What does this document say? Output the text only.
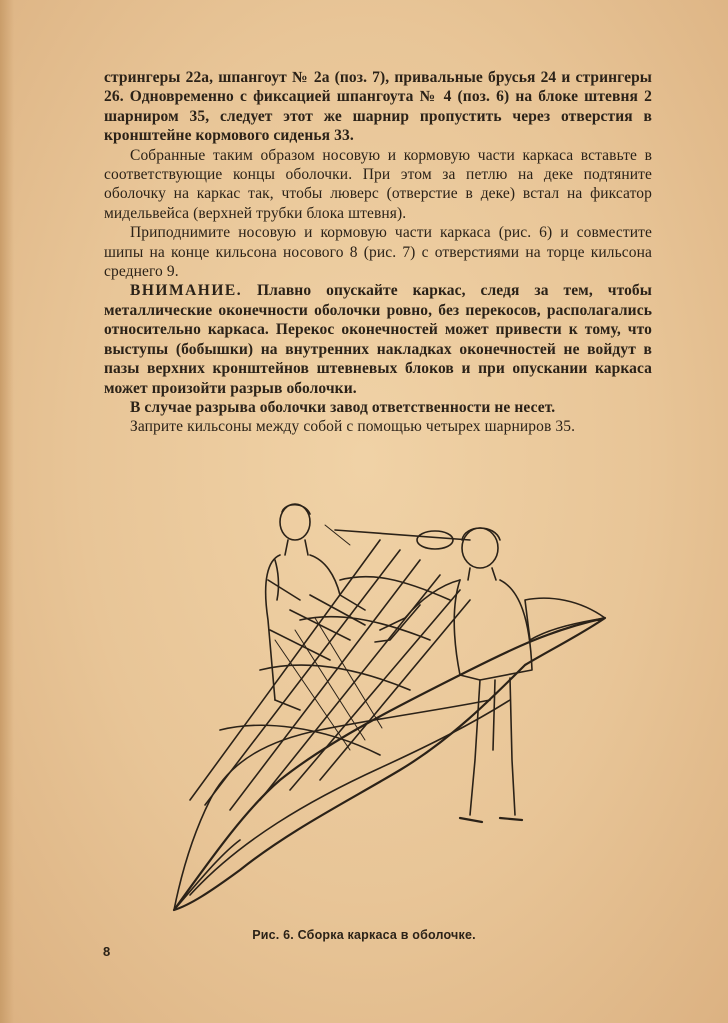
стрингеры 22а, шпангоут № 2а (поз. 7), привальные брусья 24 и стрингеры 26. Одновременно с фиксацией шпангоута № 4 (поз. 6) на блоке штевня 2 шарниром 35, следует этот же шарнир пропустить через отверстия в кронштейне кормового сиденья 33.

Собранные таким образом носовую и кормовую части каркаса вставьте в соответствующие концы оболочки. При этом за петлю на деке подтяните оболочку на каркас так, чтобы люверс (отверстие в деке) встал на фиксатор мидельвейса (верхней трубки блока штевня).

Приподнимите носовую и кормовую части каркаса (рис. 6) и совместите шипы на конце кильсона носового 8 (рис. 7) с отверстиями на торце кильсона среднего 9.

ВНИМАНИЕ. Плавно опускайте каркас, следя за тем, чтобы металлические оконечности оболочки ровно, без перекосов, располагались относительно каркаса. Перекос оконечностей может привести к тому, что выступы (бобышки) на внутренних накладках оконечностей не войдут в пазы верхних кронштейнов штевневых блоков и при опускании каркаса может произойти разрыв оболочки.

В случае разрыва оболочки завод ответственности не несет.

Заприте кильсоны между собой с помощью четырех шарниров 35.

Рис. 6. Сборка каркаса в оболочке.
8
